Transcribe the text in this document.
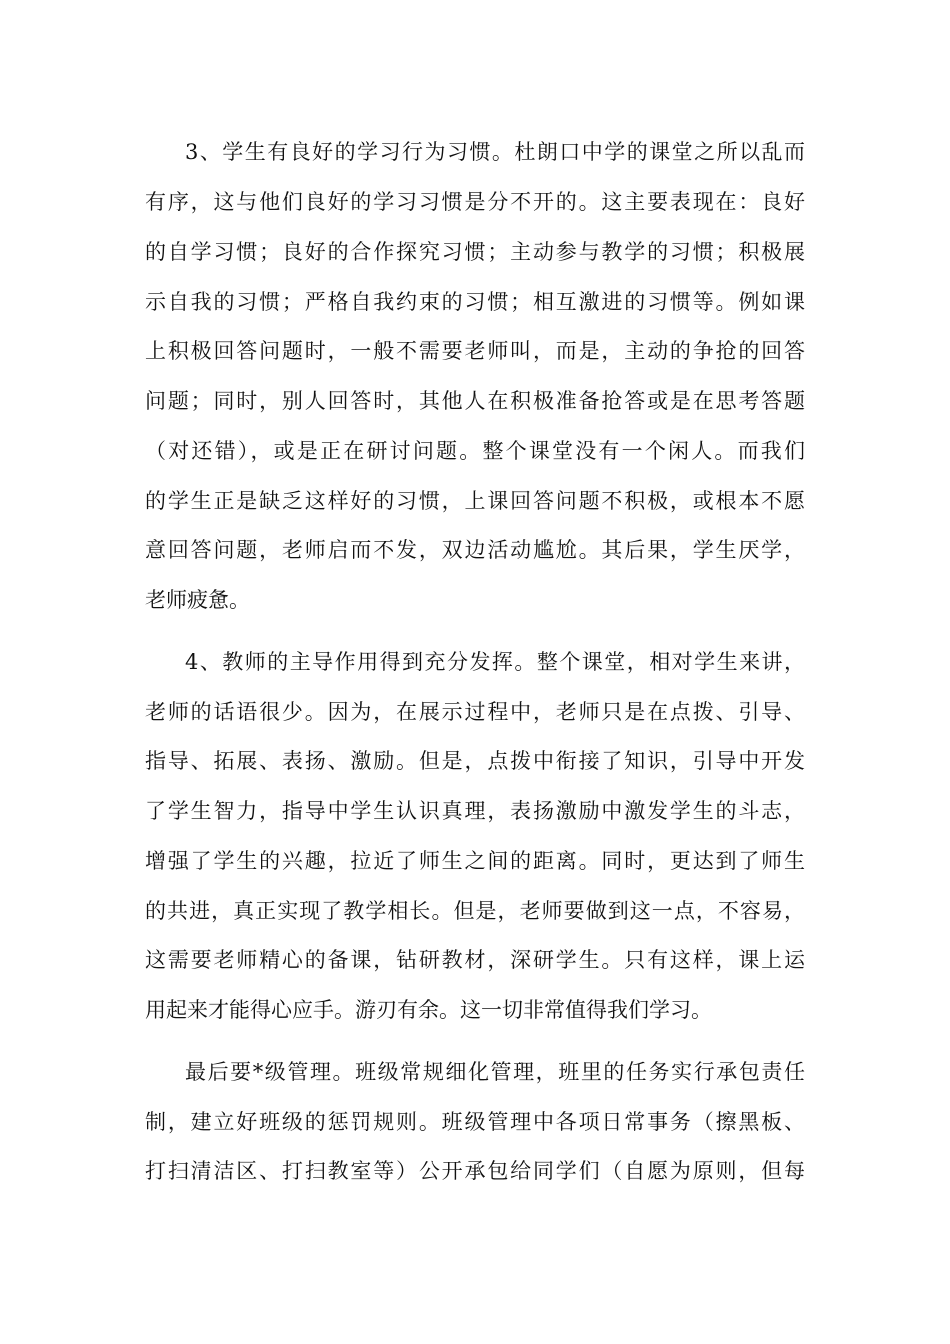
3、学生有良好的学习行为习惯。杜朗口中学的课堂之所以乱而
有序，这与他们良好的学习习惯是分不开的。这主要表现在：良好
的自学习惯；良好的合作探究习惯；主动参与教学的习惯；积极展
示自我的习惯；严格自我约束的习惯；相互激进的习惯等。例如课
上积极回答问题时，一般不需要老师叫，而是，主动的争抢的回答
问题；同时，别人回答时，其他人在积极准备抢答或是在思考答题
（对还错），或是正在研讨问题。整个课堂没有一个闲人。而我们
的学生正是缺乏这样好的习惯，上课回答问题不积极，或根本不愿
意回答问题，老师启而不发，双边活动尴尬。其后果，学生厌学，
老师疲惫。
4、教师的主导作用得到充分发挥。整个课堂，相对学生来讲，
老师的话语很少。因为，在展示过程中，老师只是在点拨、引导、
指导、拓展、表扬、激励。但是，点拨中衔接了知识，引导中开发
了学生智力，指导中学生认识真理，表扬激励中激发学生的斗志，
增强了学生的兴趣，拉近了师生之间的距离。同时，更达到了师生
的共进，真正实现了教学相长。但是，老师要做到这一点，不容易，
这需要老师精心的备课，钻研教材，深研学生。只有这样，课上运
用起来才能得心应手。游刃有余。这一切非常值得我们学习。
最后要*级管理。班级常规细化管理，班里的任务实行承包责任
制，建立好班级的惩罚规则。班级管理中各项日常事务（擦黑板、
打扫清洁区、打扫教室等）公开承包给同学们（自愿为原则，但每
